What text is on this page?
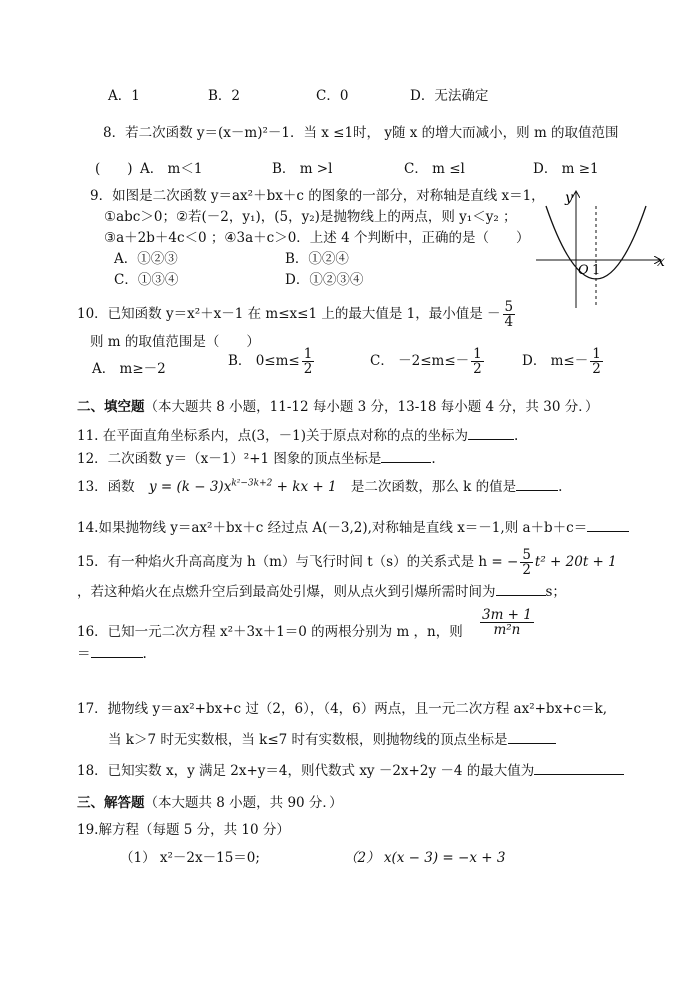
A．1	B．2	C．0	D．无法确定
8．若二次函数 y＝(x－m)²－1．当 x ≤1时， y随 x 的增大而减小，则 m 的取值范围
(　　) A． m＜1	B． m >l	C． m ≤l	D． m ≥1
9．如图是二次函数 y＝ax²＋bx＋c 的图象的一部分，对称轴是直线 x＝1，
①abc＞0；②若(－2，y₁)，(5，y₂)是抛物线上的两点，则 y₁＜y₂ ；
③a＋2b＋4c＜0 ；④3a＋c＞0．上述 4 个判断中，正确的是（　　）
A．①②③	B．①②④
C．①③④	D．①②③④
y
x
O 1
10．已知函数 y＝x²＋x－1 在 m≤x≤1 上的最大值是 1，最小值是 － $\frac{5}{4}$
则 m 的取值范围是（　　）
A． m≥－2	B． $0\le m\le \frac{1}{2}$	C． $-2\le m\le- \frac{1}{2}$	D． $m\le- \frac{1}{2}$
二、填空题（本大题共 8 小题，11-12 每小题 3 分，13-18 每小题 4 分，共 30 分．）
11. 在平面直角坐标系内，点(3，－1)关于原点对称的点的坐标为	.
12．二次函数 y＝（x－1）²+1 图象的顶点坐标是	.
13．函数 $y = (k - 3)x^{k^2-3k+2}$ + kx + 1 是二次函数，那么 k 的值是	.
14.如果抛物线 y＝ax²＋bx＋c 经过点 A(－3,2),对称轴是直线 x＝－1,则 a＋b＋c＝
15．有一种焰火升高高度为 h（m）与飞行时间 t（s）的关系式是 h = − $\frac{5}{2} t^2 + 20t + 1$
，若这种焰火在点燃升空后到最高处引爆，则从点火到引爆所需时间为	s；
16．已知一元二次方程 x²＋3x＋1＝0 的两根分别为 m ，n，则 $\frac{3m + 1}{\text{m²n}}$
＝	.
17．抛物线 y＝ax²+bx+c 过（2，6），（4，6）两点，且一元二次方程 ax²+bx+c＝k,
当 k＞7 时无实数根，当 k≤7 时有实数根，则抛物线的顶点坐标是
18．已知实数 x，y 满足 2x+y＝4，则代数式 xy －2x+2y －4 的最大值为
三、解答题（本大题共 8 小题，共 90 分．）
19.解方程（每题 5 分，共 10 分）
（1） x²－2x－15＝0;	（2） x(x − 3) = −x + 3
